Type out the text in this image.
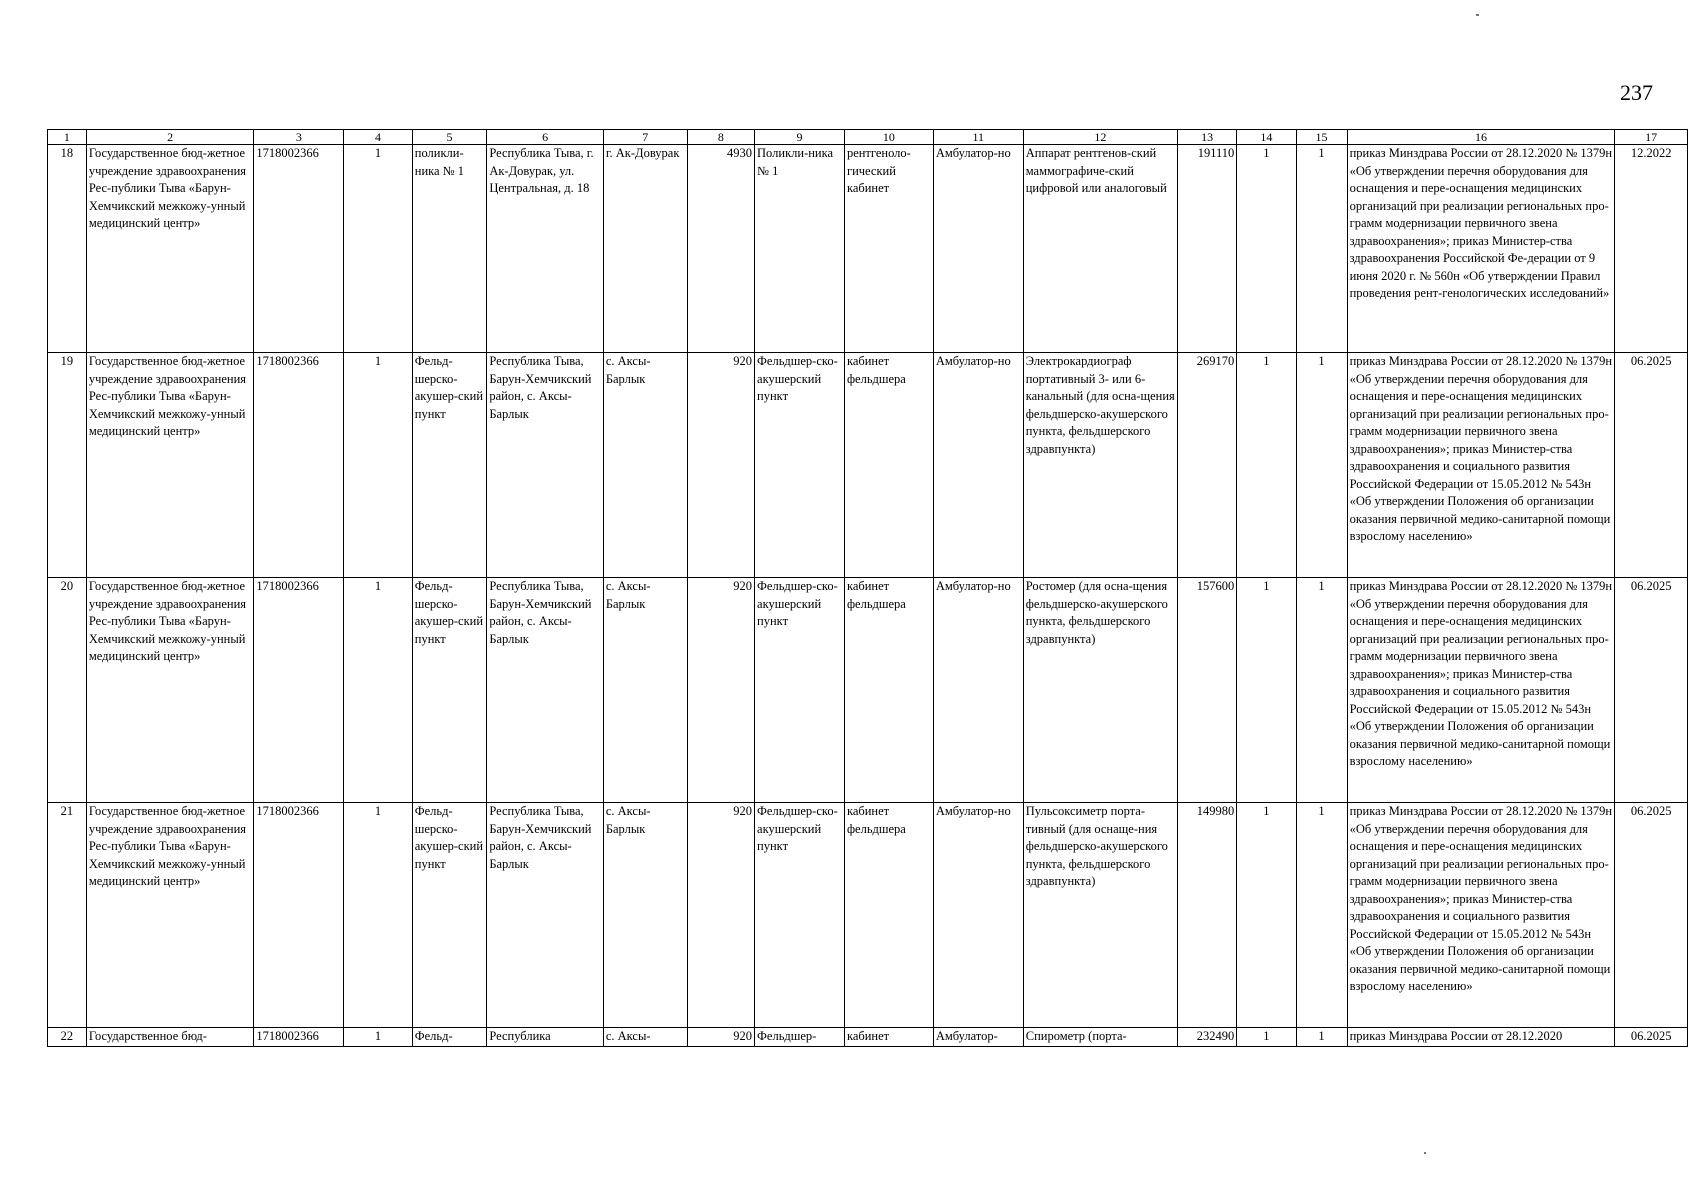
237
1	2	3	4	5	6	7	8	9	10	11	12	13	14	15	16	17
18	Государственное бюд-жетное учреждение здравоохранения Рес-публики Тыва «Барун-Хемчикский межкожу-унный медицинский центр»	1718002366	1	поликли-ника № 1	Республика Тыва, г. Ак-Довурак, ул. Центральная, д. 18	г. Ак-Довурак	4930	Поликли-ника № 1	рентгеноло-гический кабинет	Амбулатор-но	Аппарат рентгенов-ский маммографиче-ский цифровой или аналоговый	191110	1	1	приказ Минздрава России от 28.12.2020 № 1379н «Об утверждении перечня оборудования для оснащения и пере-оснащения медицинских организаций при реализации региональных про-грамм модернизации первичного звена здравоохранения»; приказ Министер-ства здравоохранения Российской Фе-дерации от 9 июня 2020 г. № 560н «Об утверждении Правил проведения рент-генологических исследований»	12.2022
19	Государственное бюд-жетное учреждение здравоохранения Рес-публики Тыва «Барун-Хемчикский межкожу-унный медицинский центр»	1718002366	1	Фельд-шерско-акушер-ский пункт	Республика Тыва, Барун-Хемчикский район, с. Аксы-Барлык	с. Аксы-Барлык	920	Фельдшер-ско-акушерский пункт	кабинет фельдшера	Амбулатор-но	Электрокардиограф портативный 3- или 6-канальный (для осна-щения фельдшерско-акушерского пункта, фельдшерского здравпункта)	269170	1	1	приказ Минздрава России от 28.12.2020 № 1379н «Об утверждении перечня оборудования для оснащения и пере-оснащения медицинских организаций при реализации региональных про-грамм модернизации первичного звена здравоохранения»; приказ Министер-ства здравоохранения и социального развития Российской Федерации от 15.05.2012 № 543н «Об утверждении Положения об организации оказания первичной медико-санитарной помощи взрослому населению»	06.2025
20	Государственное бюд-жетное учреждение здравоохранения Рес-публики Тыва «Барун-Хемчикский межкожу-унный медицинский центр»	1718002366	1	Фельд-шерско-акушер-ский пункт	Республика Тыва, Барун-Хемчикский район, с. Аксы-Барлык	с. Аксы-Барлык	920	Фельдшер-ско-акушерский пункт	кабинет фельдшера	Амбулатор-но	Ростомер (для осна-щения фельдшерско-акушерского пункта, фельдшерского здравпункта)	157600	1	1	приказ Минздрава России от 28.12.2020 № 1379н «Об утверждении перечня оборудования для оснащения и пере-оснащения медицинских организаций при реализации региональных про-грамм модернизации первичного звена здравоохранения»; приказ Министер-ства здравоохранения и социального развития Российской Федерации от 15.05.2012 № 543н «Об утверждении Положения об организации оказания первичной медико-санитарной помощи взрослому населению»	06.2025
21	Государственное бюд-жетное учреждение здравоохранения Рес-публики Тыва «Барун-Хемчикский межкожу-унный медицинский центр»	1718002366	1	Фельд-шерско-акушер-ский пункт	Республика Тыва, Барун-Хемчикский район, с. Аксы-Барлык	с. Аксы-Барлык	920	Фельдшер-ско-акушерский пункт	кабинет фельдшера	Амбулатор-но	Пульсоксиметр порта-тивный (для оснаще-ния фельдшерско-акушерского пункта, фельдшерского здравпункта)	149980	1	1	приказ Минздрава России от 28.12.2020 № 1379н «Об утверждении перечня оборудования для оснащения и пере-оснащения медицинских организаций при реализации региональных про-грамм модернизации первичного звена здравоохранения»; приказ Министер-ства здравоохранения и социального развития Российской Федерации от 15.05.2012 № 543н «Об утверждении Положения об организации оказания первичной медико-санитарной помощи взрослому населению»	06.2025
22	Государственное бюд-	1718002366	1	Фельд-	Республика	с. Аксы-	920	Фельдшер-	кабинет	Амбулатор-	Спирометр (порта-	232490	1	1	приказ Минздрава России от 28.12.2020	06.2025
